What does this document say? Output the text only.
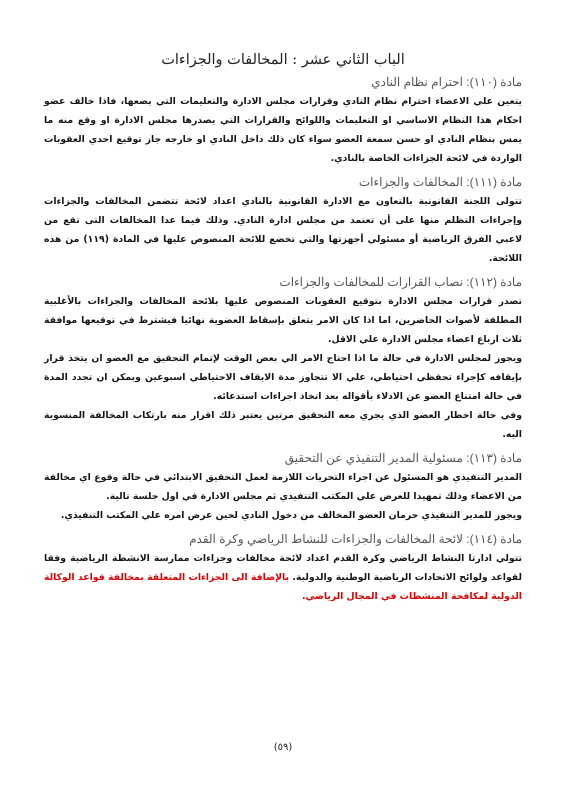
الباب الثاني عشر : المخالفات والجزاءات
مادة (١١٠): احترام نظام النادي

يتعين علي الاعضاء احترام نظام النادي وقرارات مجلس الادارة والتعليمات التي يضعها، فاذا خالف عضو احكام هذا النظام الاساسي او التعليمات واللوائح والقرارات التي يصدرها مجلس الادارة او وقع منه ما يمس بنظام النادي او حسن سمعة العضو سواء كان ذلك داخل النادي او خارجه جاز توقيع احدي العقوبات الواردة في لائحة الجزاءات الخاصة بالنادي.

مادة (١١١): المخالفات والجزاءات

تتولى اللجنة القانونية بالتعاون مع الادارة القانونية بالنادي اعداد لائحة تتضمن المخالفات والجزاءات وإجراءات التظلم منها على أن تعتمد من مجلس ادارة النادي. وذلك فيما عدا المخالفات التى تقع من لاعبي الفرق الرياضية أو مسئولي أجهزتها والتي تخضع للائحة المنصوص عليها في المادة (١١٩) من هذه اللائحة.

مادة (١١٢): نصاب القرارات للمخالفات والجزاءات

تصدر قرارات مجلس الادارة بتوقيع العقوبات المنصوص عليها بلائحة المخالفات والجزاءات بالأغلبية المطلقة لأصوات الحاضرين، اما اذا كان الامر يتعلق بإسقاط العضوية نهائيا فيشترط في توقيعها موافقة ثلاث ارباع اعضاء مجلس الادارة علي الاقل.

ويجوز لمجلس الادارة في حالة ما اذا احتاج الامر الي بعض الوقت لإتمام التحقيق مع العضو ان يتخذ قرار بإيقافه كإجراء تحفظي احتياطي، علي الا تتجاوز مدة الايقاف الاحتياطي اسبوعين ويمكن ان تجدد المدة في حالة امتناع العضو عن الادلاء بأقواله بعد اتخاذ اجراءات استدعائه.

وفي حالة اخطار العضو الذي يجري معه التحقيق مرتين يعتبر ذلك اقرار منه بارتكاب المخالفة المنسوبة اليه.

مادة (١١٣): مسئولية المدير التنفيذي عن التحقيق

المدير التنفيذي هو المسئول عن اجراء التحريات اللازمة لعمل التحقيق الابتدائي في حالة وقوع اي مخالفة من الاعضاء وذلك تمهيدا للعرض علي المكتب التنفيذي ثم مجلس الادارة في اول جلسة تالية.

ويجوز للمدير التنفيذي حرمان العضو المخالف من دخول النادي لحين عرض امره علي المكتب التنفيذي.

مادة (١١٤): لائحة المخالفات والجزاءات للنشاط الرياضي وكرة القدم

تتولي ادارتا النشاط الرياضي وكرة القدم اعداد لائحة مخالفات وجزاءات ممارسة الانشطة الرياضية وفقا لقواعد ولوائح الاتحادات الرياضية الوطنية والدولية. بالإضافة الى الجزاءات المتعلقة بمخالفة قواعد الوكالة الدولية لمكافحة المنشطات في المجال الرياضي.

(٥٩)
